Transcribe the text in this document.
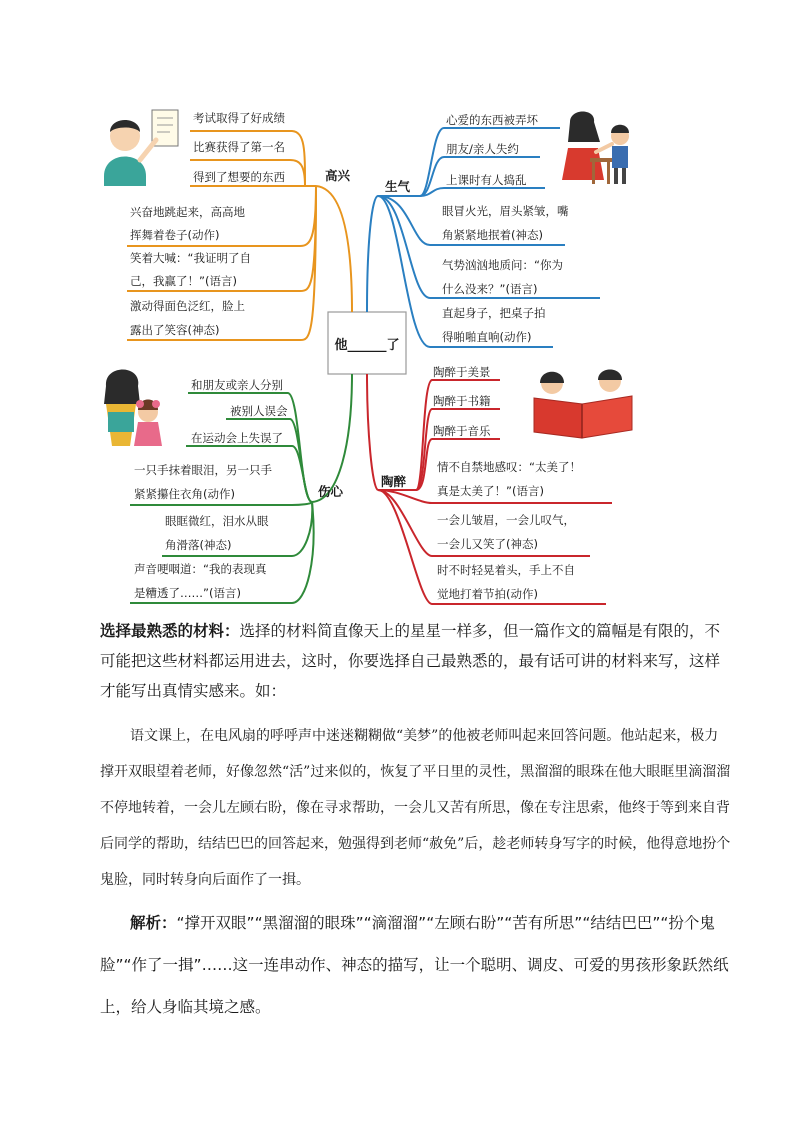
他______了
高兴
考试取得了好成绩
比赛获得了第一名
得到了想要的东西
兴奋地跳起来，高高地
挥舞着卷子(动作)
笑着大喊：“我证明了自
己，我赢了！”(语言)
激动得面色泛红，脸上
露出了笑容(神态)
生气
心爱的东西被弄坏
朋友/亲人失约
上课时有人捣乱
眼冒火光，眉头紧皱，嘴
角紧紧地抿着(神态)
气势汹汹地质问：“你为
什么没来？”(语言)
直起身子，把桌子拍
得啪啪直响(动作)
伤心
和朋友或亲人分别
被别人误会
在运动会上失误了
一只手抹着眼泪，另一只手
紧紧攥住衣角(动作)
眼眶微红，泪水从眼
角滑落(神态)
声音哽咽道：“我的表现真
是糟透了……”(语言)
陶醉
陶醉于美景
陶醉于书籍
陶醉于音乐
情不自禁地感叹：“太美了！
真是太美了！”(语言)
一会儿皱眉，一会儿叹气，
一会儿又笑了(神态)
时不时轻晃着头，手上不自
觉地打着节拍(动作)
选择最熟悉的材料：选择的材料简直像天上的星星一样多，但一篇作文的篇幅是有限的，不可能把这些材料都运用进去，这时，你要选择自己最熟悉的，最有话可讲的材料来写，这样才能写出真情实感来。如：
语文课上，在电风扇的呼呼声中迷迷糊糊做“美梦”的他被老师叫起来回答问题。他站起来，极力撑开双眼望着老师，好像忽然“活”过来似的，恢复了平日里的灵性，黑溜溜的眼珠在他大眼眶里滴溜溜不停地转着，一会儿左顾右盼，像在寻求帮助，一会儿又苦有所思，像在专注思索，他终于等到来自背后同学的帮助，结结巴巴的回答起来，勉强得到老师“赦免”后，趁老师转身写字的时候，他得意地扮个鬼脸，同时转身向后面作了一揖。
解析：“撑开双眼”“黑溜溜的眼珠”“滴溜溜”“左顾右盼”“苦有所思”“结结巴巴”“扮个鬼脸”“作了一揖”……这一连串动作、神态的描写，让一个聪明、调皮、可爱的男孩形象跃然纸上，给人身临其境之感。
